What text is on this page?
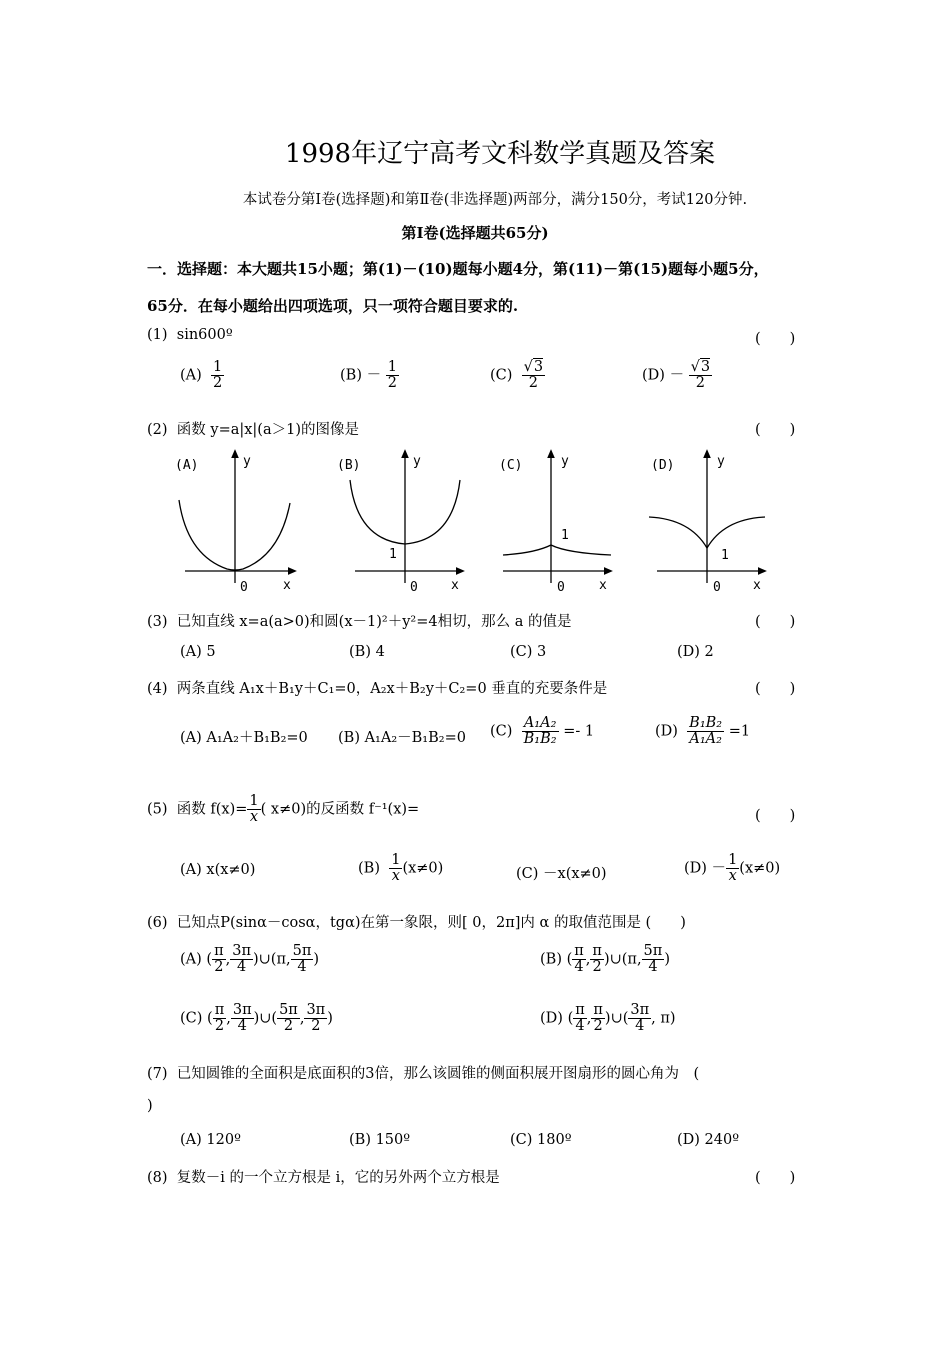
1998年辽宁高考文科数学真题及答案
本试卷分第Ⅰ卷(选择题)和第Ⅱ卷(非选择题)两部分，满分150分，考试120分钟.
第Ⅰ卷(选择题共65分)
一．选择题：本大题共15小题；第(1)－(10)题每小题4分，第(11)－第(15)题每小题5分，
65分．在每小题给出四项选项，只一项符合题目要求的.
(1) sin600º	(　　)
$(A) \frac{1}{2}$	$(B) - \frac{1}{2}$	$(C) \frac{√3}{2}$	$(D) - \frac{√3}{2}$
(2) 函数 y=a|x|(a＞1)的图像是	(　　)
(A)	y
x
0
(B)	y
x
0
1
(C)	y
x
0
1
(D)	y
x
0
1
(3) 已知直线 x=a(a>0)和圆(x－1)²＋y²=4相切，那么 a 的值是	(　　)
(A) 5	(B) 4	(C) 3	(D) 2
(4) 两条直线 A₁x＋B₁y＋C₁=0，A₂x＋B₂y＋C₂=0 垂直的充要条件是	(　　)
(A) A₁A₂＋B₁B₂=0 (B) A₁A₂－B₁B₂=0 $(C) \frac{\text{A₁A₂}}{\text{B₁B₂}} =- 1$	$(D) \frac{\text{B₁B₂}}{\text{A₁A₂}} =1$
(5) 函数 $f(x)= \frac{1}{x}$ ( x≠0)的反函数 f⁻¹(x)=	(　　)
(A) x(x≠0)	$(B) \frac{1}{x} (x\ne 0)$	(C) －x(x≠0)	$(D) - \frac{1}{x} (x\ne 0)$
(6) 已知点P(sinα－cosα，tgα)在第一象限，则[ 0，2π]内 α 的取值范围是 (　　)
(A) ( $\frac{\pi}{2}$ , $\frac{3\pi}{4}$ )∪(π, $\frac{5\pi}{4}$ )	(B) ( $\frac{\pi}{4}$ , $\frac{\pi}{2}$ )∪(π, $\frac{5\pi}{4}$ )
(C) ( $\frac{\pi}{2}$ , $\frac{3\pi}{4}$ )∪( $\frac{5\pi}{2}$ , $\frac{3\pi}{2}$ )	(D) ( $\frac{\pi}{4}$ , $\frac{\pi}{2}$ )∪( $\frac{3\pi}{4}$ , π)
(7) 已知圆锥的全面积是底面积的3倍，那么该圆锥的侧面积展开图扇形的圆心角为　(
)
(A) 120º	(B) 150º	(C) 180º	(D) 240º
(8) 复数－i 的一个立方根是 i，它的另外两个立方根是	(　　)
